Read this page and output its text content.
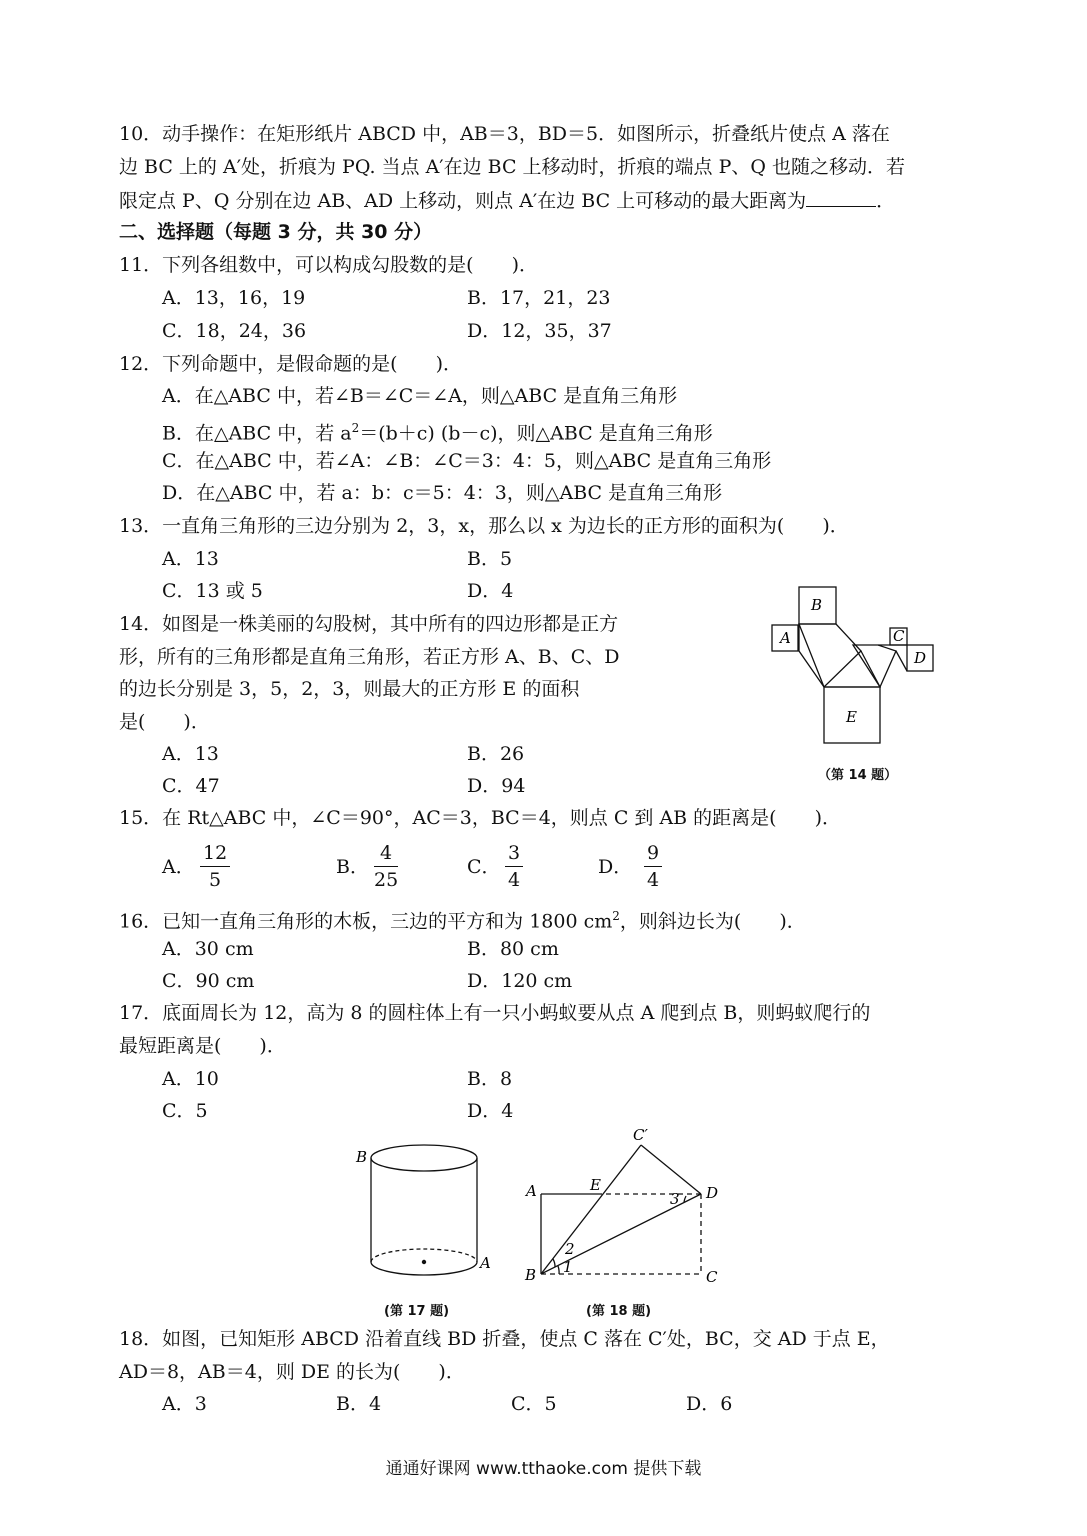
10．动手操作：在矩形纸片 ABCD 中，AB＝3，BD＝5．如图所示，折叠纸片使点 A 落在
边 BC 上的 A′处，折痕为 PQ. 当点 A′在边 BC 上移动时，折痕的端点 P、Q 也随之移动．若
限定点 P、Q 分别在边 AB、AD 上移动，则点 A′在边 BC 上可移动的最大距离为	．
二、选择题（每题 3 分，共 30 分）
11．下列各组数中，可以构成勾股数的是(　　)．
A．13，16，19	B．17，21，23
C．18，24，36	D．12，35，37
12．下列命题中，是假命题的是(　　)．
A．在△ABC 中，若∠B＝∠C＝∠A，则△ABC 是直角三角形
B．在△ABC 中，若 $a^2=(b+c)$ (b－c)，则△ABC 是直角三角形
C．在△ABC 中，若∠A：∠B：∠C＝3：4：5，则△ABC 是直角三角形
D．在△ABC 中，若 a：b：c＝5：4：3，则△ABC 是直角三角形
13．一直角三角形的三边分别为 2，3，x，那么以 x 为边长的正方形的面积为(　　)．
A．13	B．5
C．13 或 5	D．4
14．如图是一株美丽的勾股树，其中所有的四边形都是正方
形，所有的三角形都是直角三角形，若正方形 A、B、C、D
的边长分别是 3，5，2，3，则最大的正方形 E 的面积
是(　　)．
A．13	B．26
C．47	D．94
B
A	C
D
E
（第 14 题）
15．在 Rt△ABC 中，∠C＝90°，AC＝3，BC＝4，则点 C 到 AB 的距离是(　　)．
A． $\frac{12}{5}$	B． $\frac{4}{25}$	C． $\frac{3}{4}$	D． $\frac{9}{4}$
16．已知一直角三角形的木板，三边的平方和为 1800 $cm^2$，则斜边长为(　　)．
A．30 cm	B．80 cm
C．90 cm	D．120 cm
17．底面周长为 12，高为 8 的圆柱体上有一只小蚂蚁要从点 A 爬到点 B，则蚂蚁爬行的
最短距离是(　　)．
A．10	B．8
C．5	D．4
B
A
(第 17 题)
A	E
C′
D
B	C
1
2
3
(第 18 题)
18．如图，已知矩形 ABCD 沿着直线 BD 折叠，使点 C 落在 C′处，BC，交 AD 于点 E，
AD＝8，AB＝4，则 DE 的长为(　　)．
A．3	B．4	C．5	D．6
通通好课网 www.tthaoke.com 提供下载
